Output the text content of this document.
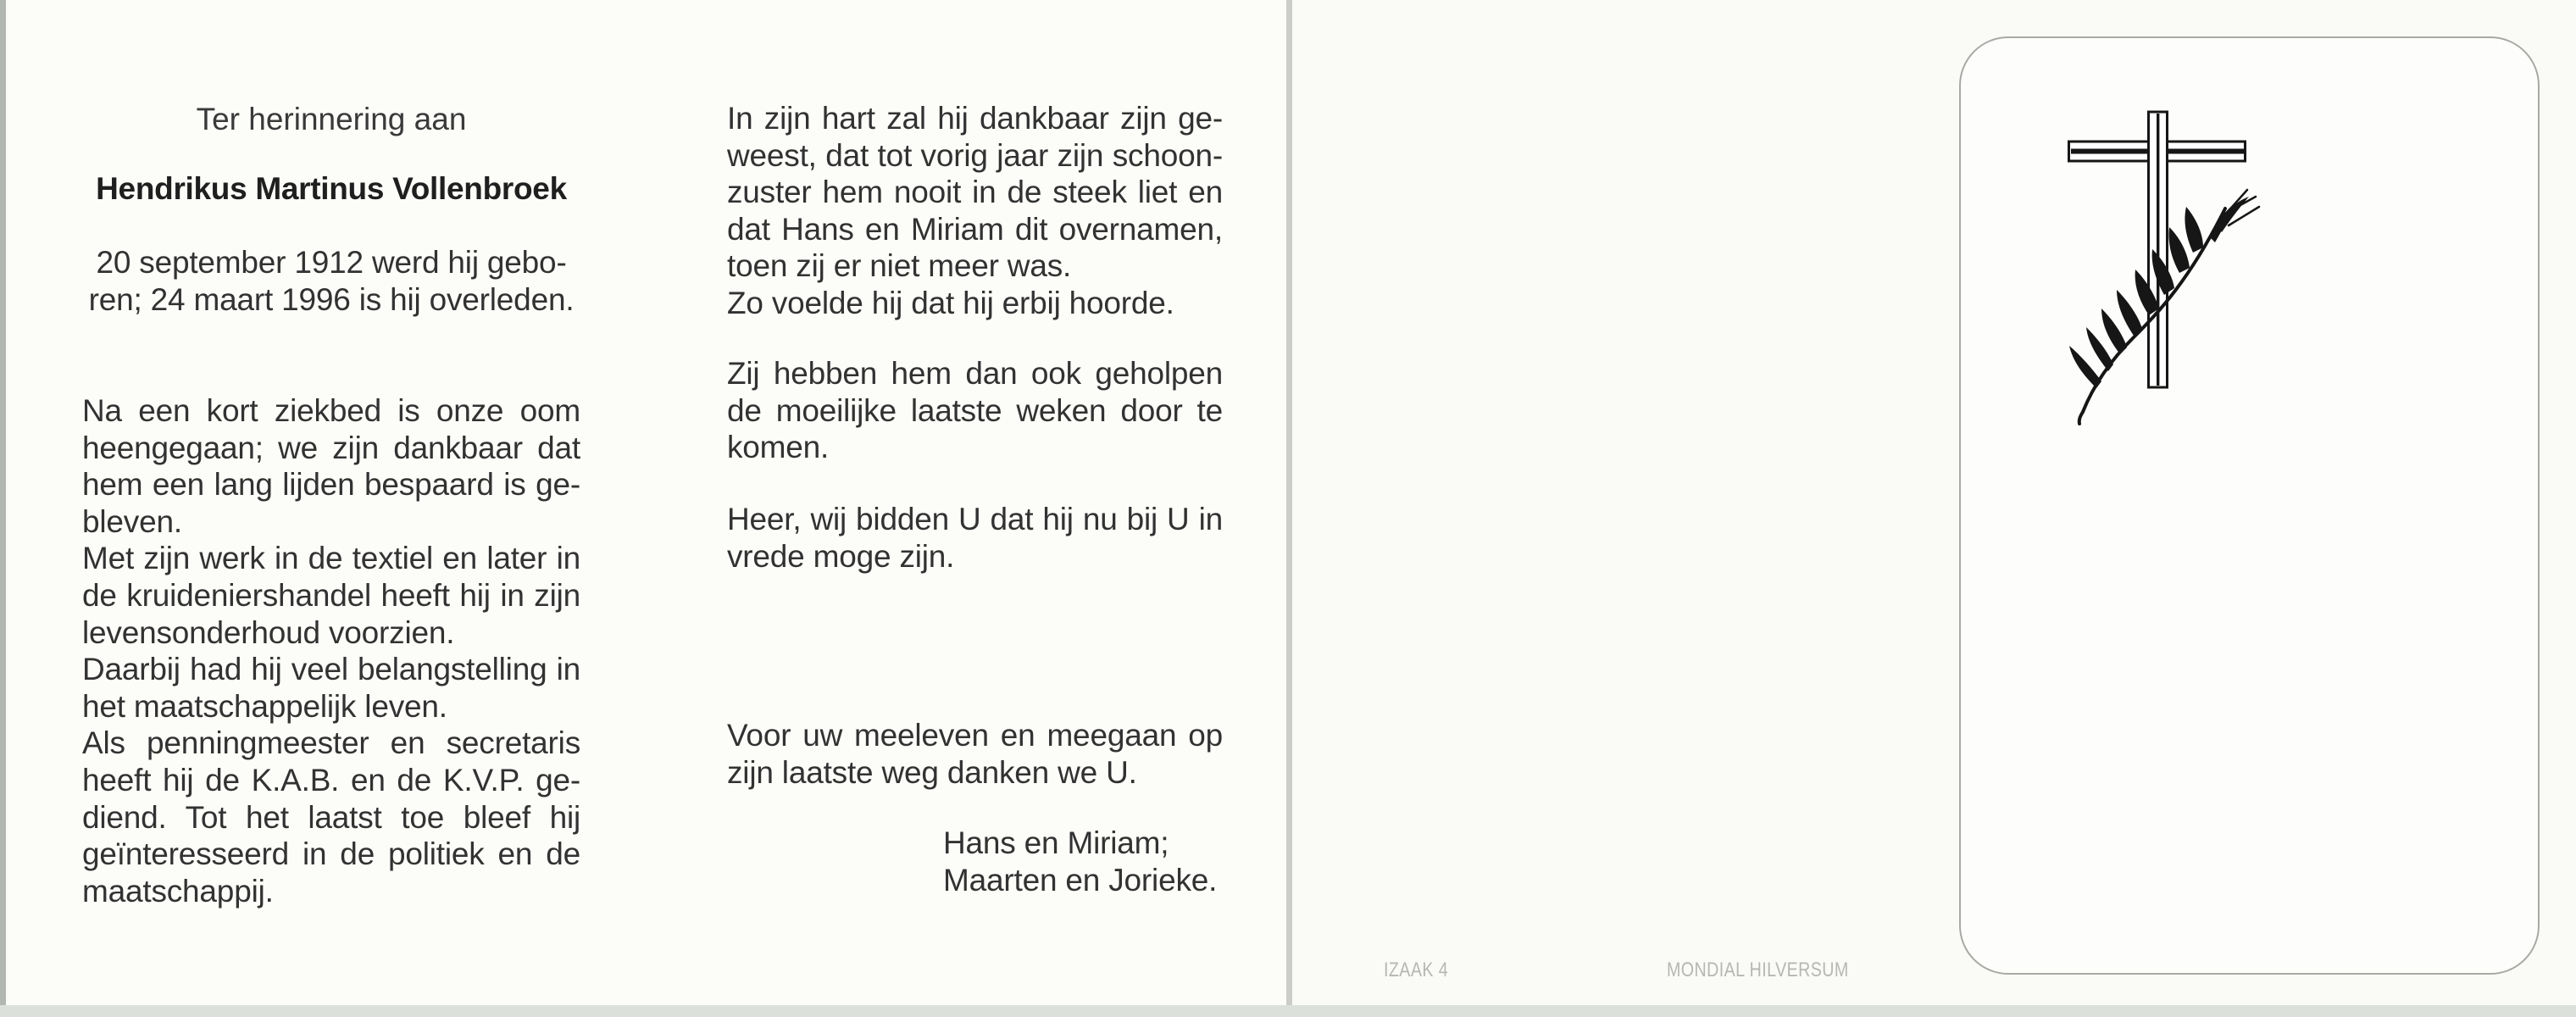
Ter herinnering aan
Hendrikus Martinus Vollenbroek
20 september 1912 werd hij gebo-
ren; 24 maart 1996 is hij overleden.
Na een kort ziekbed is onze oom
heengegaan; we zijn dankbaar dat
hem een lang lijden bespaard is ge-
bleven.
Met zijn werk in de textiel en later in
de kruideniershandel heeft hij in zijn
levensonderhoud voorzien.
Daarbij had hij veel belangstelling in
het maatschappelijk leven.
Als penningmeester en secretaris
heeft hij de K.A.B. en de K.V.P. ge-
diend. Tot het laatst toe bleef hij
geïnteresseerd in de politiek en de
maatschappij.
In zijn hart zal hij dankbaar zijn ge-
weest, dat tot vorig jaar zijn schoon-
zuster hem nooit in de steek liet en
dat Hans en Miriam dit overnamen,
toen zij er niet meer was.
Zo voelde hij dat hij erbij hoorde.
Zij hebben hem dan ook geholpen
de moeilijke laatste weken door te
komen.
Heer, wij bidden U dat hij nu bij U in
vrede moge zijn.
Voor uw meeleven en meegaan op
zijn laatste weg danken we U.
Hans en Miriam;
Maarten en Jorieke.
IZAAK 4	MONDIAL HILVERSUM
